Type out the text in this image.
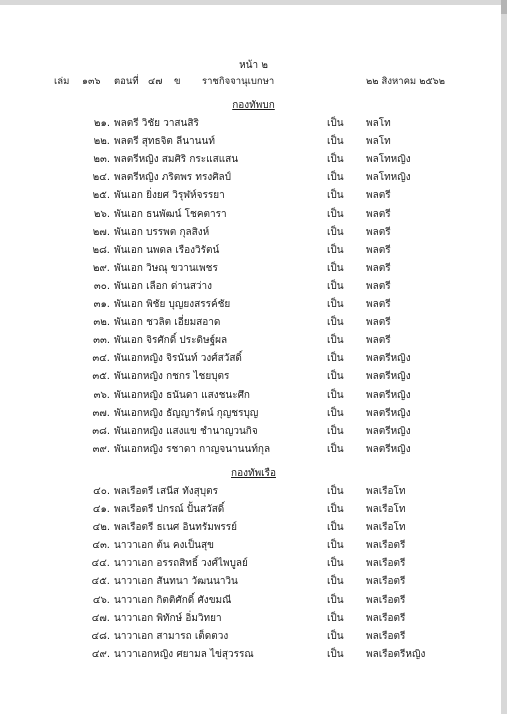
หน้า ๒
เล่ม ๑๓๖ ตอนที่ ๔๗ ข ราชกิจจานุเบกษา	๒๒ สิงหาคม ๒๕๖๒
กองทัพบก
๒๑. พลตรี วิชัย วาสนสิริ	เป็น พลโท
๒๒. พลตรี สุทธจิต ลีนานนท์	เป็น พลโท
๒๓. พลตรีหญิง สมศิริ กระแสแสน	เป็น พลโทหญิง
๒๔. พลตรีหญิง ภริตพร ทรงศิลป์	เป็น พลโทหญิง
๒๕. พันเอก ยิ่งยศ วิรุฬห์จรรยา	เป็น พลตรี
๒๖. พันเอก ธนพัฒน์ โชคตารา	เป็น พลตรี
๒๗. พันเอก บรรพต กุลสิงห์	เป็น พลตรี
๒๘. พันเอก นพดล เรืองวิรัตน์	เป็น พลตรี
๒๙. พันเอก วิษณุ ขวานเพชร	เป็น พลตรี
๓๐. พันเอก เลือก ด่านสว่าง	เป็น พลตรี
๓๑. พันเอก พิชัย บุญยงสรรค์ชัย	เป็น พลตรี
๓๒. พันเอก ชวลิต เอี่ยมสอาด	เป็น พลตรี
๓๓. พันเอก จิรศักดิ์ ประดิษฐ์ผล	เป็น พลตรี
๓๔. พันเอกหญิง จิรนันท์ วงศ์สวัสดิ์	เป็น พลตรีหญิง
๓๕. พันเอกหญิง กชกร ไชยบุตร	เป็น พลตรีหญิง
๓๖. พันเอกหญิง ธนันดา แสงชนะศึก	เป็น พลตรีหญิง
๓๗. พันเอกหญิง ธัญญารัตน์ กุญชรบุญ	เป็น พลตรีหญิง
๓๘. พันเอกหญิง แสงแข ชำนาญวนกิจ	เป็น พลตรีหญิง
๓๙. พันเอกหญิง รชาดา กาญจนานนท์กุล	เป็น พลตรีหญิง
กองทัพเรือ
๔๐. พลเรือตรี เสนีส ทังสุบุตร	เป็น พลเรือโท
๔๑. พลเรือตรี ปกรณ์ ปั้นสวัสดิ์	เป็น พลเรือโท
๔๒. พลเรือตรี ธเนศ อินทรัมพรรย์	เป็น พลเรือโท
๔๓. นาวาเอก ต้น คงเป็นสุข	เป็น พลเรือตรี
๔๔. นาวาเอก อรรถสิทธิ์ วงศ์ไพบูลย์	เป็น พลเรือตรี
๔๕. นาวาเอก สันทนา วัฒนนาวิน	เป็น พลเรือตรี
๔๖. นาวาเอก กิตติศักดิ์ ศังขมณี	เป็น พลเรือตรี
๔๗. นาวาเอก พิทักษ์ อิ่มวิทยา	เป็น พลเรือตรี
๔๘. นาวาเอก สามารถ เต็ดตวง	เป็น พลเรือตรี
๔๙. นาวาเอกหญิง ศยามล ไข่สุวรรณ	เป็น พลเรือตรีหญิง
